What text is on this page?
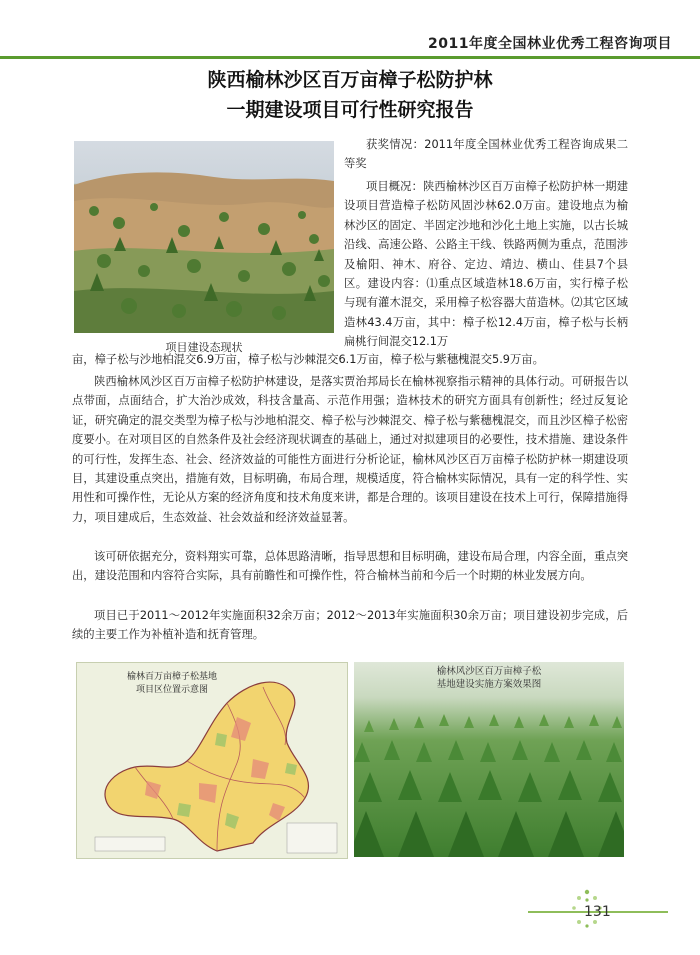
2011年度全国林业优秀工程咨询项目
陕西榆林沙区百万亩樟子松防护林
一期建设项目可行性研究报告
项目建设态现状

获奖情况：2011年度全国林业优秀工程咨询成果二等奖

项目概况：陕西榆林沙区百万亩樟子松防护林一期建设项目营造樟子松防风固沙林62.0万亩。建设地点为榆林沙区的固定、半固定沙地和沙化土地上实施，以古长城沿线、高速公路、公路主干线、铁路两侧为重点，范围涉及榆阳、神木、府谷、定边、靖边、横山、佳县7个县区。建设内容：⑴重点区域造林18.6万亩，实行樟子松与现有灌木混交，采用樟子松容器大苗造林。⑵其它区域造林43.4万亩，其中：樟子松12.4万亩，樟子松与长柄扁桃行间混交12.1万

亩，樟子松与沙地柏混交6.9万亩，樟子松与沙棘混交6.1万亩，樟子松与紫穗槐混交5.9万亩。

陕西榆林风沙区百万亩樟子松防护林建设，是落实贾治邦局长在榆林视察指示精神的具体行动。可研报告以点带面，点面结合，扩大治沙成效，科技含量高、示范作用强；造林技术的研究方面具有创新性；经过反复论证，研究确定的混交类型为樟子松与沙地柏混交、樟子松与沙棘混交、樟子松与紫穗槐混交，而且沙区樟子松密度要小。在对项目区的自然条件及社会经济现状调查的基础上，通过对拟建项目的必要性，技术措施、建设条件的可行性，发挥生态、社会、经济效益的可能性方面进行分析论证，榆林风沙区百万亩樟子松防护林一期建设项目，其建设重点突出，措施有效，目标明确，布局合理，规模适度，符合榆林实际情况，具有一定的科学性、实用性和可操作性，无论从方案的经济角度和技术角度来讲，都是合理的。该项目建设在技术上可行，保障措施得力，项目建成后，生态效益、社会效益和经济效益显著。

该可研依据充分，资料翔实可靠，总体思路清晰，指导思想和目标明确，建设布局合理，内容全面，重点突出，建设范围和内容符合实际，具有前瞻性和可操作性，符合榆林当前和今后一个时期的林业发展方向。

项目已于2011～2012年实施面积32余万亩；2012～2013年实施面积30余万亩；项目建设初步完成，后续的主要工作为补植补造和抚育管理。

榆林百万亩樟子松基地
项目区位置示意图
榆林风沙区百万亩樟子松
基地建设实施方案效果图
131
